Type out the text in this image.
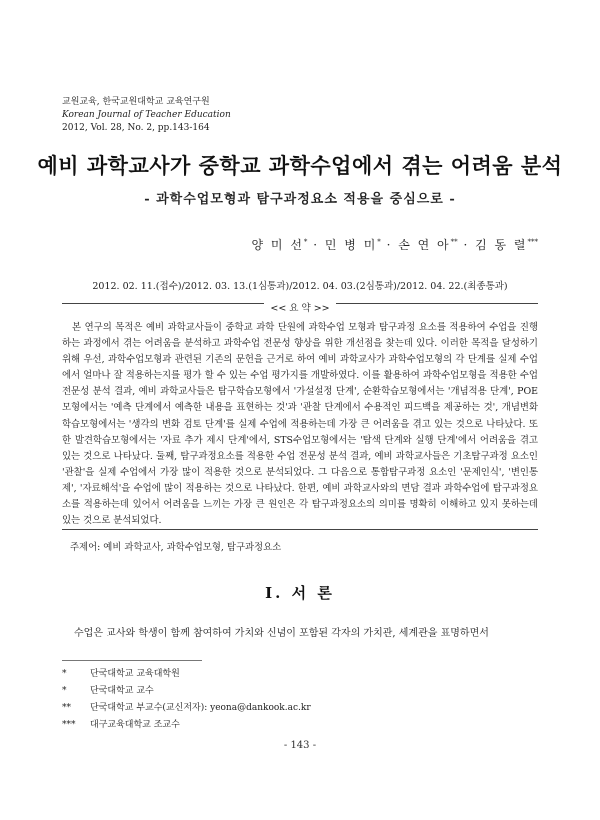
교원교육, 한국교원대학교 교육연구원
Korean Journal of Teacher Education
2012, Vol. 28, No. 2, pp.143-164
예비 과학교사가 중학교 과학수업에서 겪는 어려움 분석
- 과학수업모형과 탐구과정요소 적용을 중심으로 -
양 미 선* · 민 병 미* · 손 연 아** · 김 동 렬***
2012. 02. 11.(접수)/2012. 03. 13.(1심통과)/2012. 04. 03.(2심통과)/2012. 04. 22.(최종통과)
<< 요 약 >>
본 연구의 목적은 예비 과학교사들이 중학교 과학 단원에 과학수업 모형과 탐구과정 요소를 적용하여 수업을 진행하는 과정에서 겪는 어려움을 분석하고 과학수업 전문성 향상을 위한 개선점을 찾는데 있다. 이러한 목적을 달성하기 위해 우선, 과학수업모형과 관련된 기존의 문헌을 근거로 하여 예비 과학교사가 과학수업모형의 각 단계를 실제 수업에서 얼마나 잘 적용하는지를 평가 할 수 있는 수업 평가지를 개발하였다. 이를 활용하여 과학수업모형을 적용한 수업 전문성 분석 결과, 예비 과학교사들은 탐구학습모형에서 '가설설정 단계', 순환학습모형에서는 '개념적용 단계', POE모형에서는 '예측 단계에서 예측한 내용을 표현하는 것'과 '관찰 단계에서 수용적인 피드백을 제공하는 것', 개념변화학습모형에서는 '생각의 변화 검토 단계'를 실제 수업에 적용하는데 가장 큰 어려움을 겪고 있는 것으로 나타났다. 또한 발견학습모형에서는 '자료 추가 제시 단계'에서, STS수업모형에서는 '탐색 단계와 실행 단계'에서 어려움을 겪고 있는 것으로 나타났다. 둘째, 탐구과정요소를 적용한 수업 전문성 분석 결과, 예비 과학교사들은 기초탐구과정 요소인 '관찰'을 실제 수업에서 가장 많이 적용한 것으로 분석되었다. 그 다음으로 통합탐구과정 요소인 '문제인식', '변인통제', '자료해석'을 수업에 많이 적용하는 것으로 나타났다. 한편, 예비 과학교사와의 면담 결과 과학수업에 탐구과정요소를 적용하는데 있어서 어려움을 느끼는 가장 큰 원인은 각 탐구과정요소의 의미를 명확히 이해하고 있지 못하는데 있는 것으로 분석되었다.
주제어: 예비 과학교사, 과학수업모형, 탐구과정요소
Ⅰ. 서 론
수업은 교사와 학생이 함께 참여하여 가치와 신념이 포함된 각자의 가치관, 세계관을 표명하면서
*	단국대학교 교육대학원
*	단국대학교 교수
** 단국대학교 부교수(교신저자): yeona@dankook.ac.kr
*** 대구교육대학교 조교수
- 143 -
